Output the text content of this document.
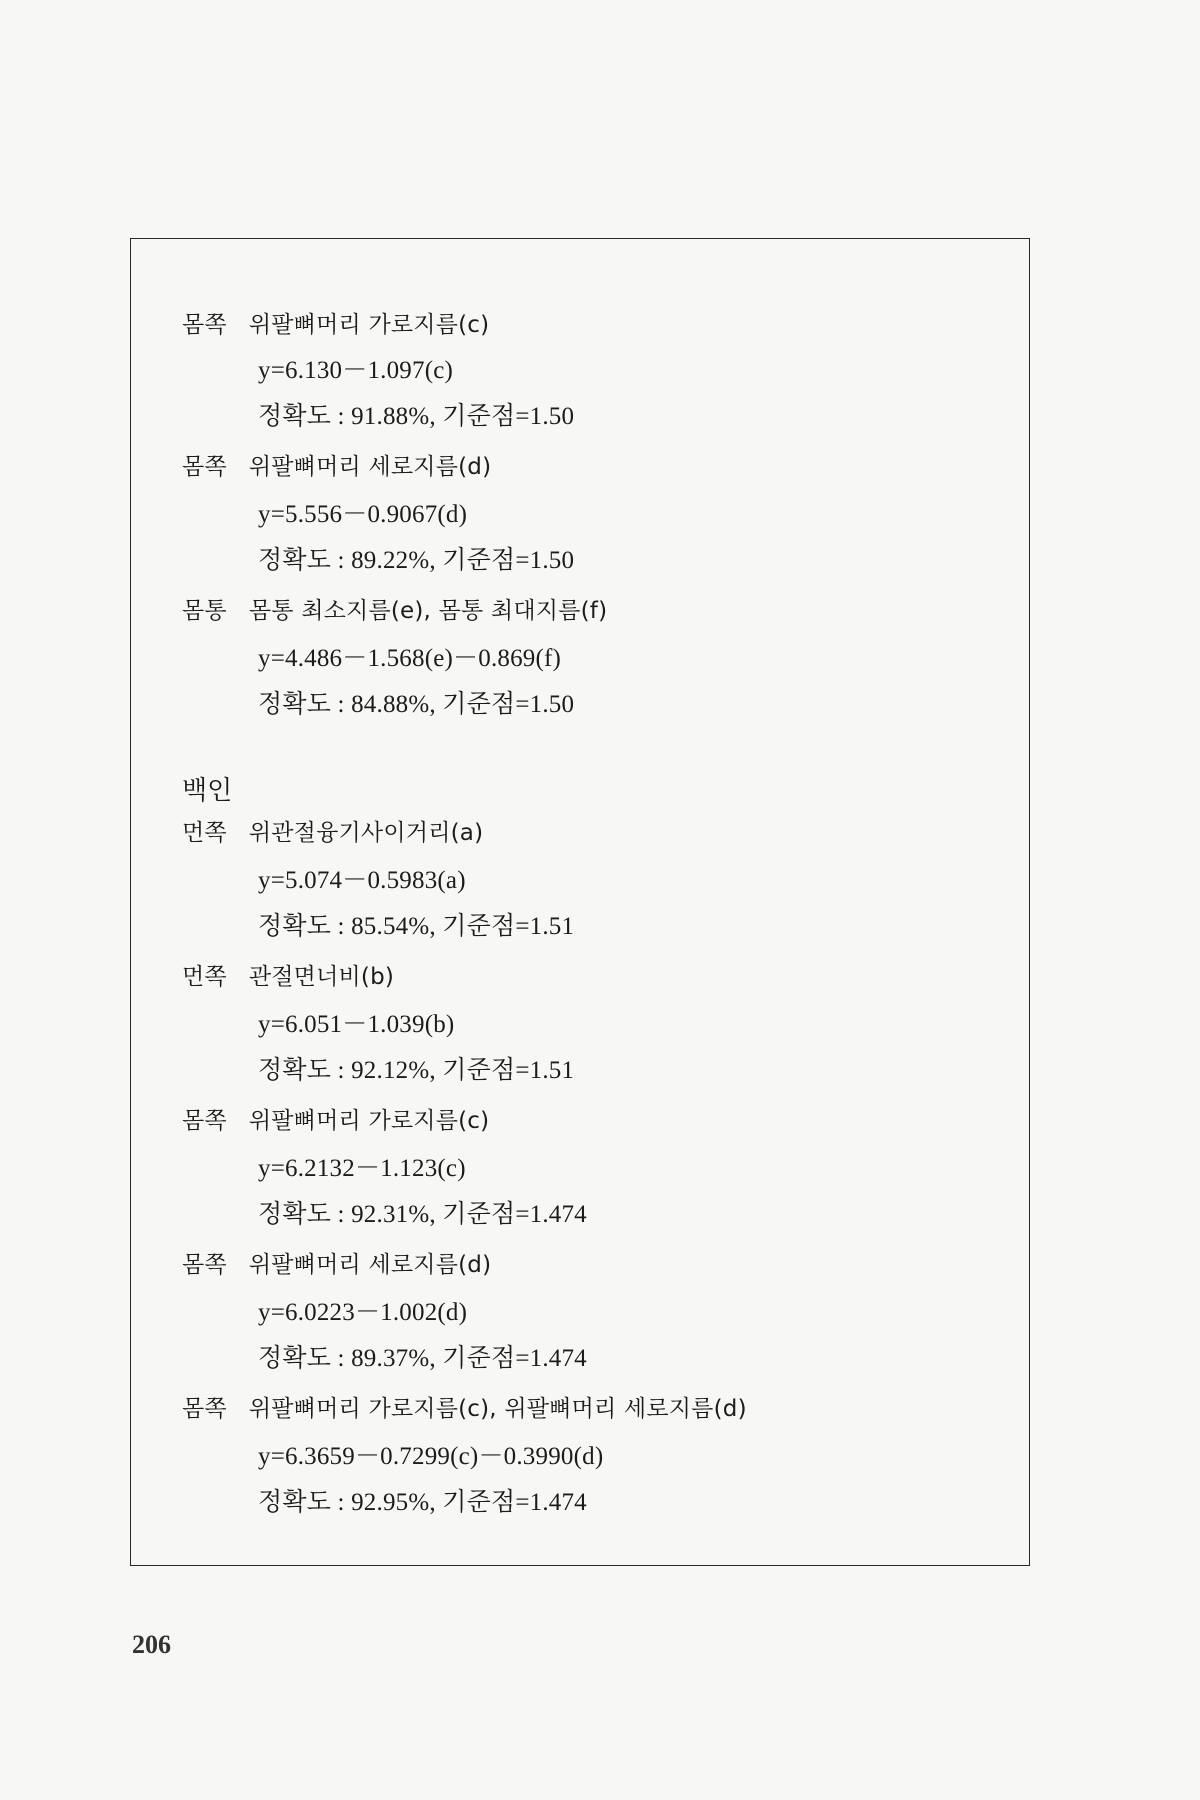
몸쪽 위팔뼈머리 가로지름(c)
y=6.130－1.097(c)
정확도 : 91.88%, 기준점=1.50
몸쪽 위팔뼈머리 세로지름(d)
y=5.556－0.9067(d)
정확도 : 89.22%, 기준점=1.50
몸통 몸통 최소지름(e), 몸통 최대지름(f)
y=4.486－1.568(e)－0.869(f)
정확도 : 84.88%, 기준점=1.50
백인
먼쪽 위관절융기사이거리(a)
y=5.074－0.5983(a)
정확도 : 85.54%, 기준점=1.51
먼쪽 관절면너비(b)
y=6.051－1.039(b)
정확도 : 92.12%, 기준점=1.51
몸쪽 위팔뼈머리 가로지름(c)
y=6.2132－1.123(c)
정확도 : 92.31%, 기준점=1.474
몸쪽 위팔뼈머리 세로지름(d)
y=6.0223－1.002(d)
정확도 : 89.37%, 기준점=1.474
몸쪽 위팔뼈머리 가로지름(c), 위팔뼈머리 세로지름(d)
y=6.3659－0.7299(c)－0.3990(d)
정확도 : 92.95%, 기준점=1.474
206
